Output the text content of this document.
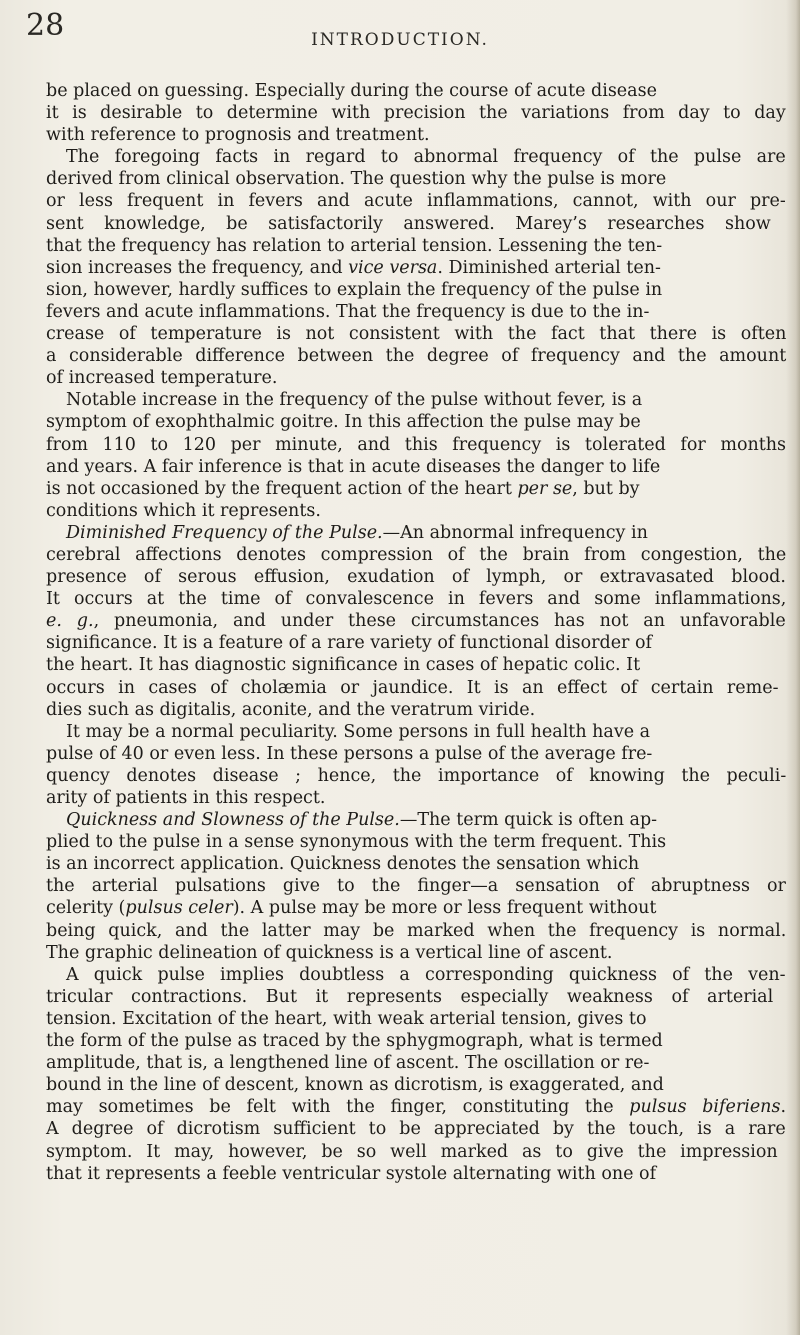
28	INTRODUCTION.
be placed on guessing. Especially during the course of acute disease
it is desirable to determine with precision the variations from day to day
with reference to prognosis and treatment.
The foregoing facts in regard to abnormal frequency of the pulse are
derived from clinical observation. The question why the pulse is more
or less frequent in fevers and acute inflammations, cannot, with our pre-
sent knowledge, be satisfactorily answered. Marey’s researches show
that the frequency has relation to arterial tension. Lessening the ten-
sion increases the frequency, and vice versa. Diminished arterial ten-
sion, however, hardly suffices to explain the frequency of the pulse in
fevers and acute inflammations. That the frequency is due to the in-
crease of temperature is not consistent with the fact that there is often
a considerable difference between the degree of frequency and the amount
of increased temperature.
Notable increase in the frequency of the pulse without fever, is a
symptom of exophthalmic goitre. In this affection the pulse may be
from 110 to 120 per minute, and this frequency is tolerated for months
and years. A fair inference is that in acute diseases the danger to life
is not occasioned by the frequent action of the heart per se, but by
conditions which it represents.
Diminished Frequency of the Pulse.—An abnormal infrequency in
cerebral affections denotes compression of the brain from congestion, the
presence of serous effusion, exudation of lymph, or extravasated blood.
It occurs at the time of convalescence in fevers and some inflammations,
e. g., pneumonia, and under these circumstances has not an unfavorable
significance. It is a feature of a rare variety of functional disorder of
the heart. It has diagnostic significance in cases of hepatic colic. It
occurs in cases of cholæmia or jaundice. It is an effect of certain reme-
dies such as digitalis, aconite, and the veratrum viride.
It may be a normal peculiarity. Some persons in full health have a
pulse of 40 or even less. In these persons a pulse of the average fre-
quency denotes disease ; hence, the importance of knowing the peculi-
arity of patients in this respect.
Quickness and Slowness of the Pulse.—The term quick is often ap-
plied to the pulse in a sense synonymous with the term frequent. This
is an incorrect application. Quickness denotes the sensation which
the arterial pulsations give to the finger—a sensation of abruptness or
celerity (pulsus celer). A pulse may be more or less frequent without
being quick, and the latter may be marked when the frequency is normal.
The graphic delineation of quickness is a vertical line of ascent.
A quick pulse implies doubtless a corresponding quickness of the ven-
tricular contractions. But it represents especially weakness of arterial
tension. Excitation of the heart, with weak arterial tension, gives to
the form of the pulse as traced by the sphygmograph, what is termed
amplitude, that is, a lengthened line of ascent. The oscillation or re-
bound in the line of descent, known as dicrotism, is exaggerated, and
may sometimes be felt with the finger, constituting the pulsus biferiens.
A degree of dicrotism sufficient to be appreciated by the touch, is a rare
symptom. It may, however, be so well marked as to give the impression
that it represents a feeble ventricular systole alternating with one of
